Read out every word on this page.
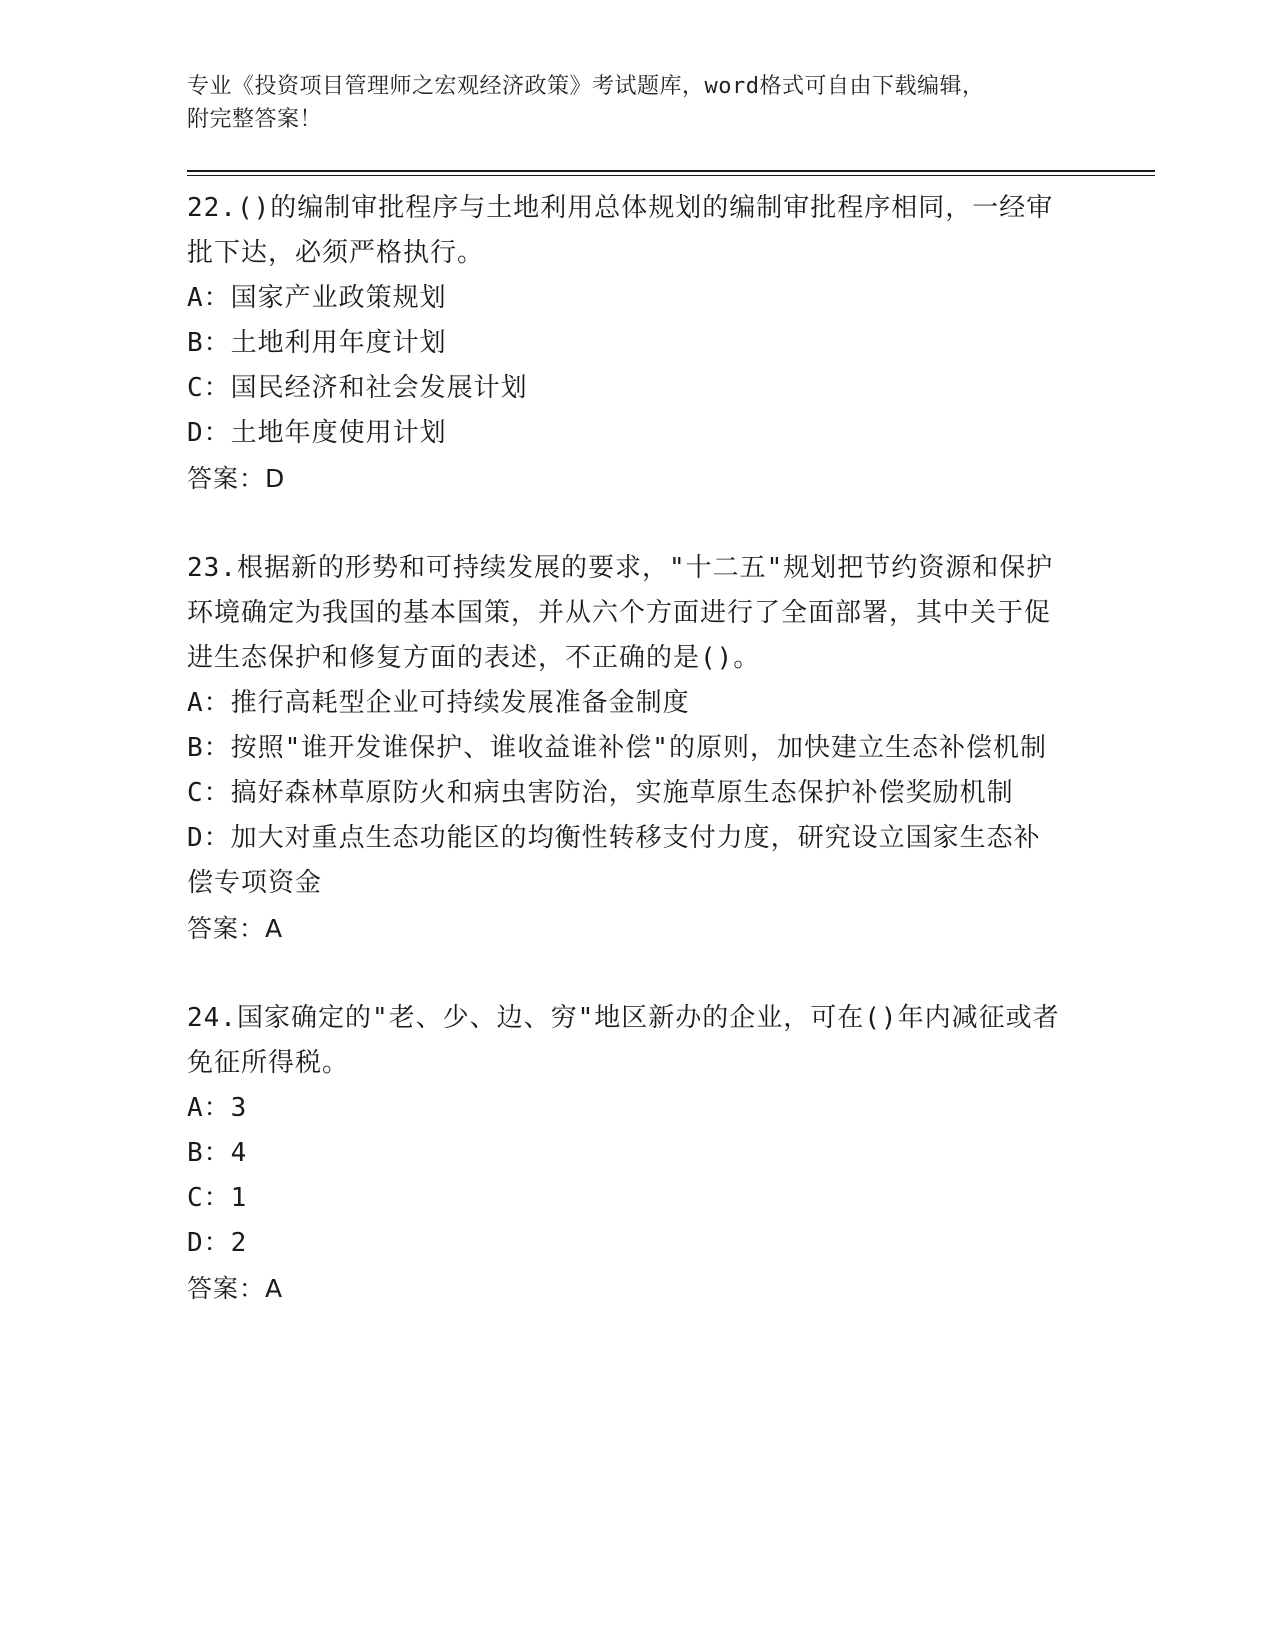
专业《投资项目管理师之宏观经济政策》考试题库，word格式可自由下载编辑，
附完整答案！

22.()的编制审批程序与土地利用总体规划的编制审批程序相同，一经审批下达，必须严格执行。

A：国家产业政策规划

B：土地利用年度计划

C：国民经济和社会发展计划

D：土地年度使用计划

答案：D

23.根据新的形势和可持续发展的要求，"十二五"规划把节约资源和保护环境确定为我国的基本国策，并从六个方面进行了全面部署，其中关于促进生态保护和修复方面的表述，不正确的是()。

A：推行高耗型企业可持续发展准备金制度

B：按照"谁开发谁保护、谁收益谁补偿"的原则，加快建立生态补偿机制

C：搞好森林草原防火和病虫害防治，实施草原生态保护补偿奖励机制

D：加大对重点生态功能区的均衡性转移支付力度，研究设立国家生态补偿专项资金

答案：A

24.国家确定的"老、少、边、穷"地区新办的企业，可在()年内减征或者免征所得税。

A：3

B：4

C：1

D：2

答案：A
